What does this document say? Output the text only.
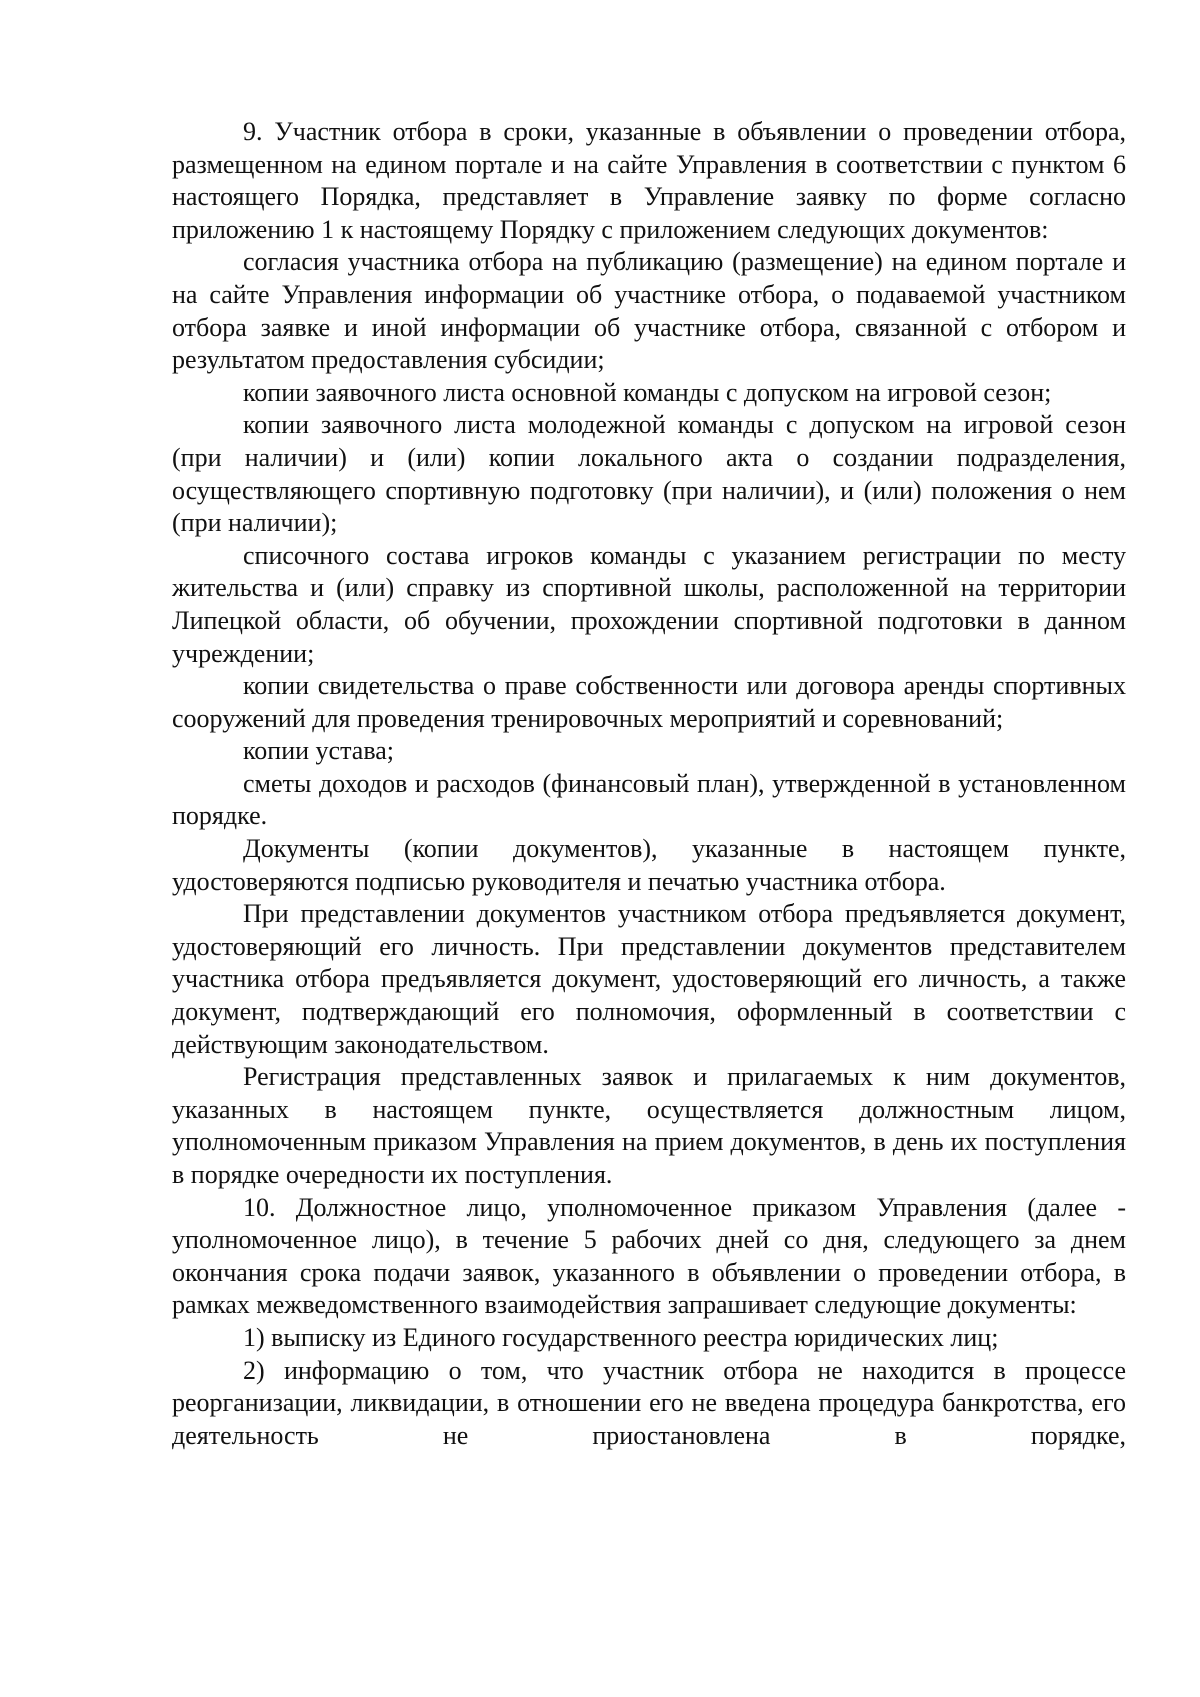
9. Участник отбора в сроки, указанные в объявлении о проведении отбора, размещенном на едином портале и на сайте Управления в соответствии с пунктом 6 настоящего Порядка, представляет в Управление заявку по форме согласно приложению 1 к настоящему Порядку с приложением следующих документов:

согласия участника отбора на публикацию (размещение) на едином портале и на сайте Управления информации об участнике отбора, о подаваемой участником отбора заявке и иной информации об участнике отбора, связанной с отбором и результатом предоставления субсидии;

копии заявочного листа основной команды с допуском на игровой сезон;

копии заявочного листа молодежной команды с допуском на игровой сезон (при наличии) и (или) копии локального акта о создании подразделения, осуществляющего спортивную подготовку (при наличии), и (или) положения о нем (при наличии);

списочного состава игроков команды с указанием регистрации по месту жительства и (или) справку из спортивной школы, расположенной на территории Липецкой области, об обучении, прохождении спортивной подготовки в данном учреждении;

копии свидетельства о праве собственности или договора аренды спортивных сооружений для проведения тренировочных мероприятий и соревнований;

копии устава;

сметы доходов и расходов (финансовый план), утвержденной в установленном порядке.

Документы (копии документов), указанные в настоящем пункте, удостоверяются подписью руководителя и печатью участника отбора.

При представлении документов участником отбора предъявляется документ, удостоверяющий его личность. При представлении документов представителем участника отбора предъявляется документ, удостоверяющий его личность, а также документ, подтверждающий его полномочия, оформленный в соответствии с действующим законодательством.

Регистрация представленных заявок и прилагаемых к ним документов, указанных в настоящем пункте, осуществляется должностным лицом, уполномоченным приказом Управления на прием документов, в день их поступления в порядке очередности их поступления.

10. Должностное лицо, уполномоченное приказом Управления (далее - уполномоченное лицо), в течение 5 рабочих дней со дня, следующего за днем окончания срока подачи заявок, указанного в объявлении о проведении отбора, в рамках межведомственного взаимодействия запрашивает следующие документы:

1) выписку из Единого государственного реестра юридических лиц;

2) информацию о том, что участник отбора не находится в процессе реорганизации, ликвидации, в отношении его не введена процедура банкротства, его деятельность не приостановлена в порядке,
